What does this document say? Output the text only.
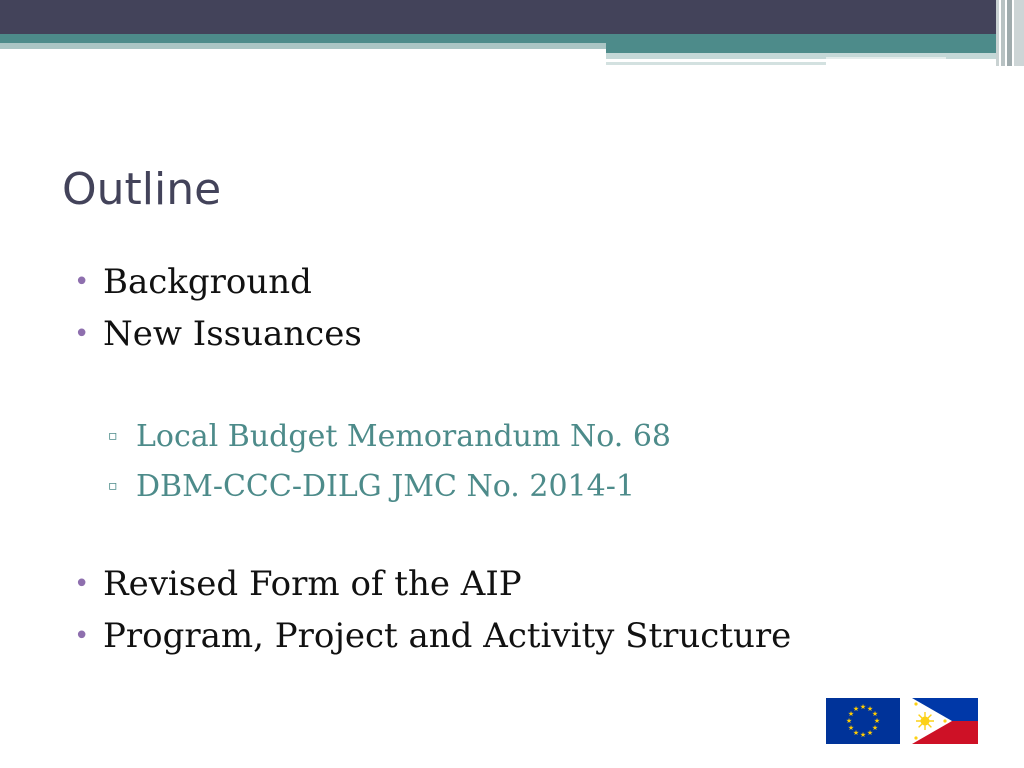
Outline
• Background
• New Issuances
▫ Local Budget Memorandum No. 68
▫ DBM-CCC-DILG JMC No. 2014-1
• Revised Form of the AIP
• Program, Project and Activity Structure
★ ★
★
★
★
★
★
★
★
★
★
★
